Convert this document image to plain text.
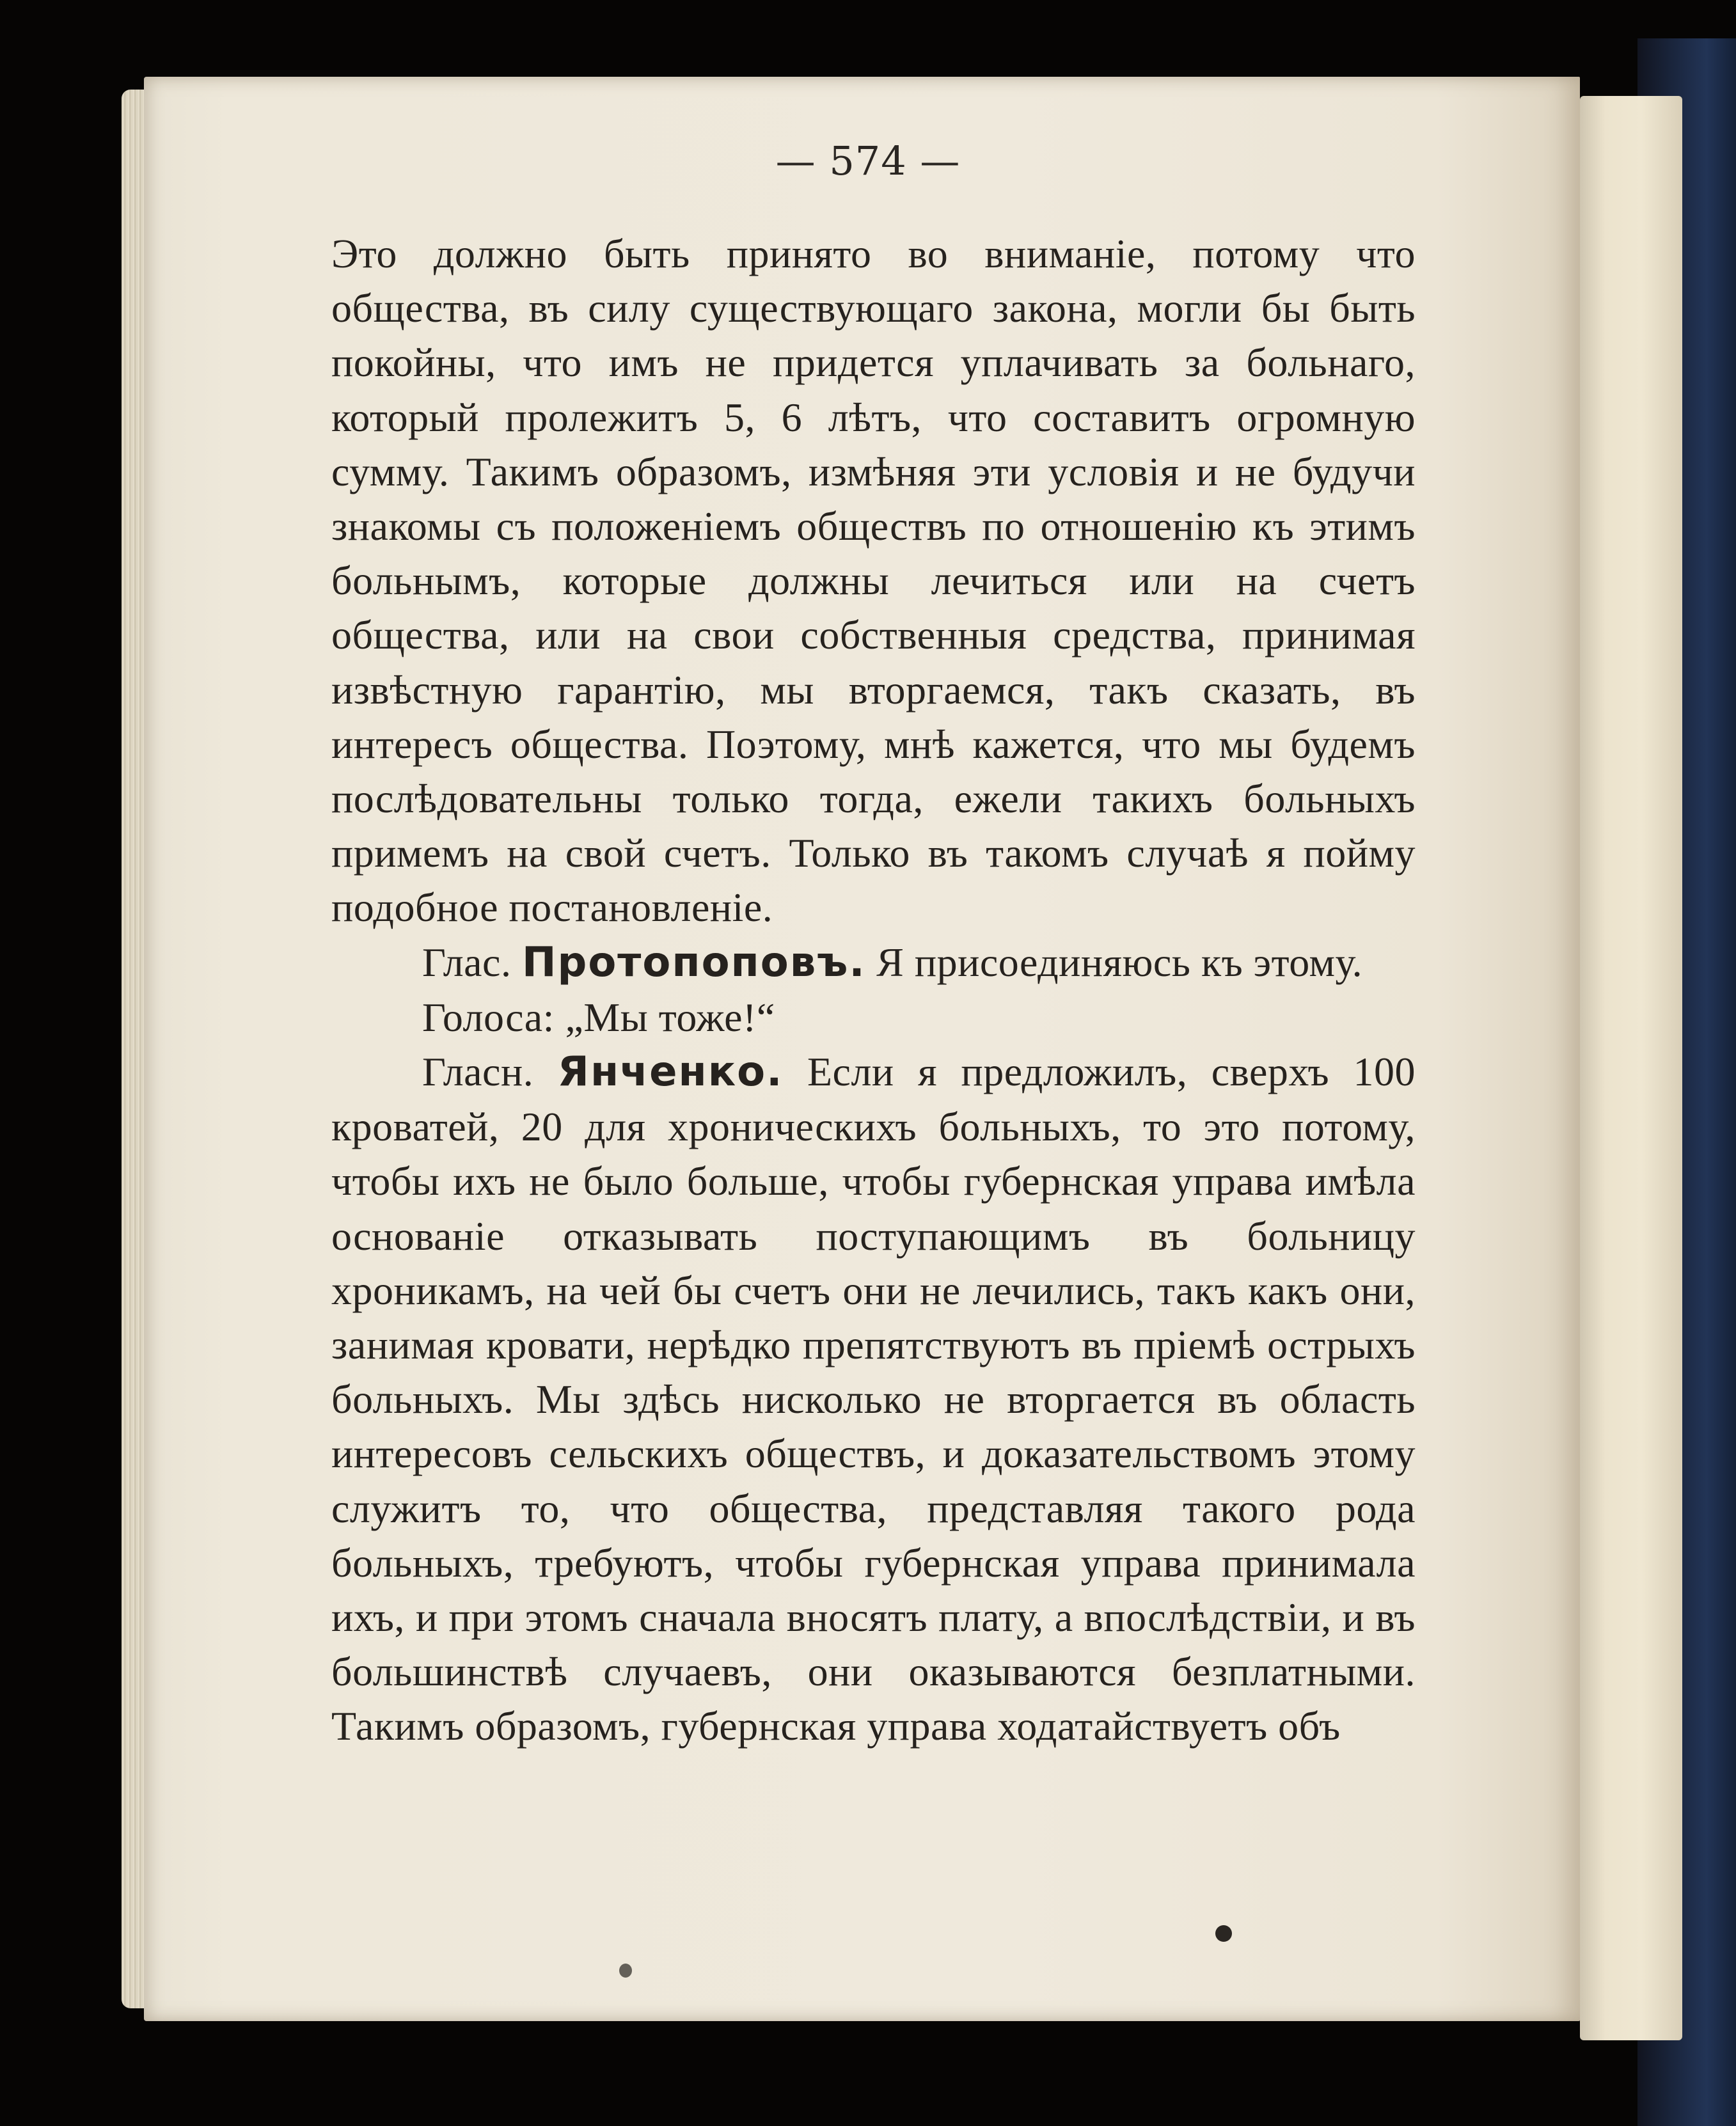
— 574 —

Это должно быть принято во вниманіе, потому что общества, въ силу существующаго закона, могли бы быть покойны, что имъ не придется уплачивать за больнаго, который пролежитъ 5, 6 лѣтъ, что составитъ огромную сумму. Такимъ образомъ, измѣняя эти условія и не будучи знакомы съ положеніемъ обществъ по отношенію къ этимъ больнымъ, которые должны лечиться или на счетъ общества, или на свои собственныя средства, принимая извѣстную гарантію, мы вторгаемся, такъ сказать, въ интересъ общества. Поэтому, мнѣ кажется, что мы будемъ послѣдовательны только тогда, ежели такихъ больныхъ примемъ на свой счетъ. Только въ такомъ случаѣ я пойму подобное постановленіе.

Глас. Протопоповъ. Я присоединяюсь къ этому.

Голоса: „Мы тоже!“

Гласн. Янченко. Если я предложилъ, сверхъ 100 кроватей, 20 для хроническихъ больныхъ, то это потому, чтобы ихъ не было больше, чтобы губернская управа имѣла основаніе отказывать поступающимъ въ больницу хроникамъ, на чей бы счетъ они не лечились, такъ какъ они, занимая кровати, нерѣдко препятствуютъ въ пріемѣ острыхъ больныхъ. Мы здѣсь нисколько не вторгается въ область интересовъ сельскихъ обществъ, и доказательствомъ этому служитъ то, что общества, представляя такого рода больныхъ, требуютъ, чтобы губернская управа принимала ихъ, и при этомъ сначала вносятъ плату, а впослѣдствіи, и въ большинствѣ случаевъ, они оказываются безплатными. Такимъ образомъ, губернская управа ходатайствуетъ объ
